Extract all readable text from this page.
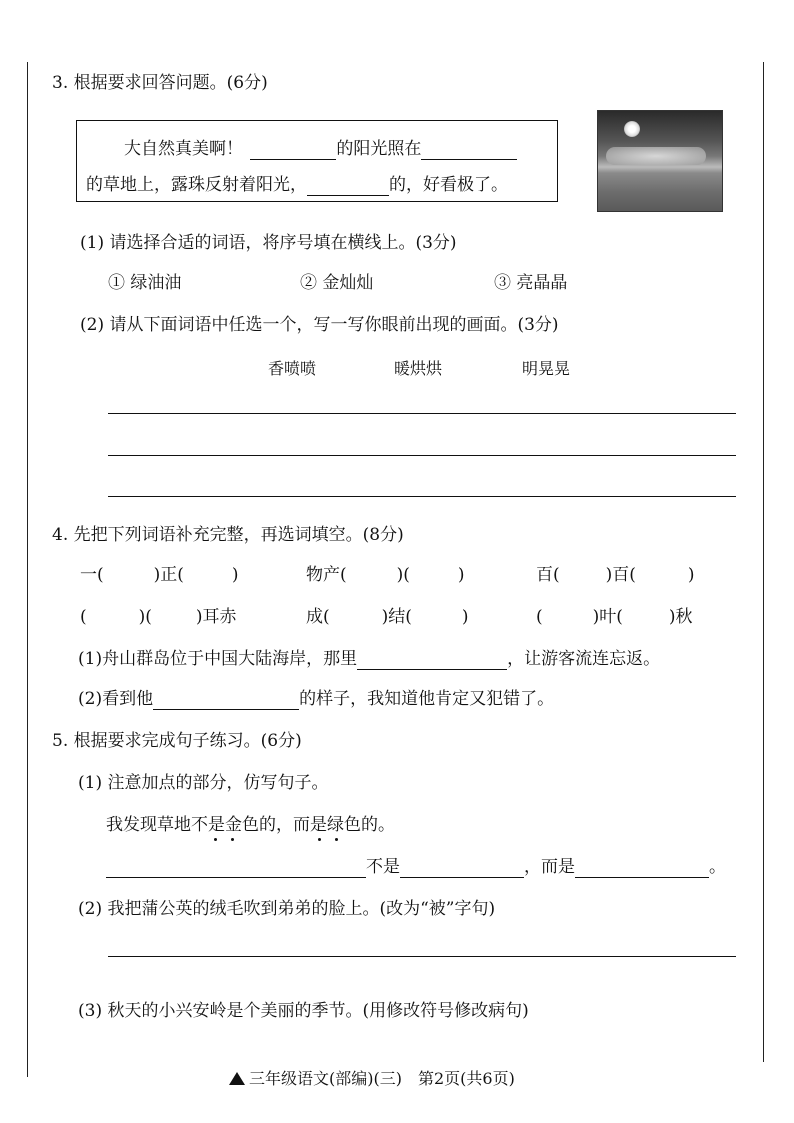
3. 根据要求回答问题。(6分)
大自然真美啊！	的阳光照在
的草地上，露珠反射着阳光，	的，好看极了。
(1) 请选择合适的词语，将序号填在横线上。(3分)
① 绿油油	② 金灿灿	③ 亮晶晶
(2) 请从下面词语中任选一个，写一写你眼前出现的画面。(3分)
香喷喷	暖烘烘	明晃晃
4. 先把下列词语补充完整，再选词填空。(8分)
一(	)正(	)	物产(	)(	)	百(	)百(	)
(	)(	)耳赤	成(	)结(	)	(	)叶(	)秋
(1)舟山群岛位于中国大陆海岸，那里	，让游客流连忘返。
(2)看到他	的样子，我知道他肯定又犯错了。
5. 根据要求完成句子练习。(6分)
(1) 注意加点的部分，仿写句子。
我发现草地不是金色的，而是绿色的。
不是	，而是	。
(2) 我把蒲公英的绒毛吹到弟弟的脸上。(改为“被”字句)
(3) 秋天的小兴安岭是个美丽的季节。(用修改符号修改病句)
三年级语文(部编)(三)　第2页(共6页)
